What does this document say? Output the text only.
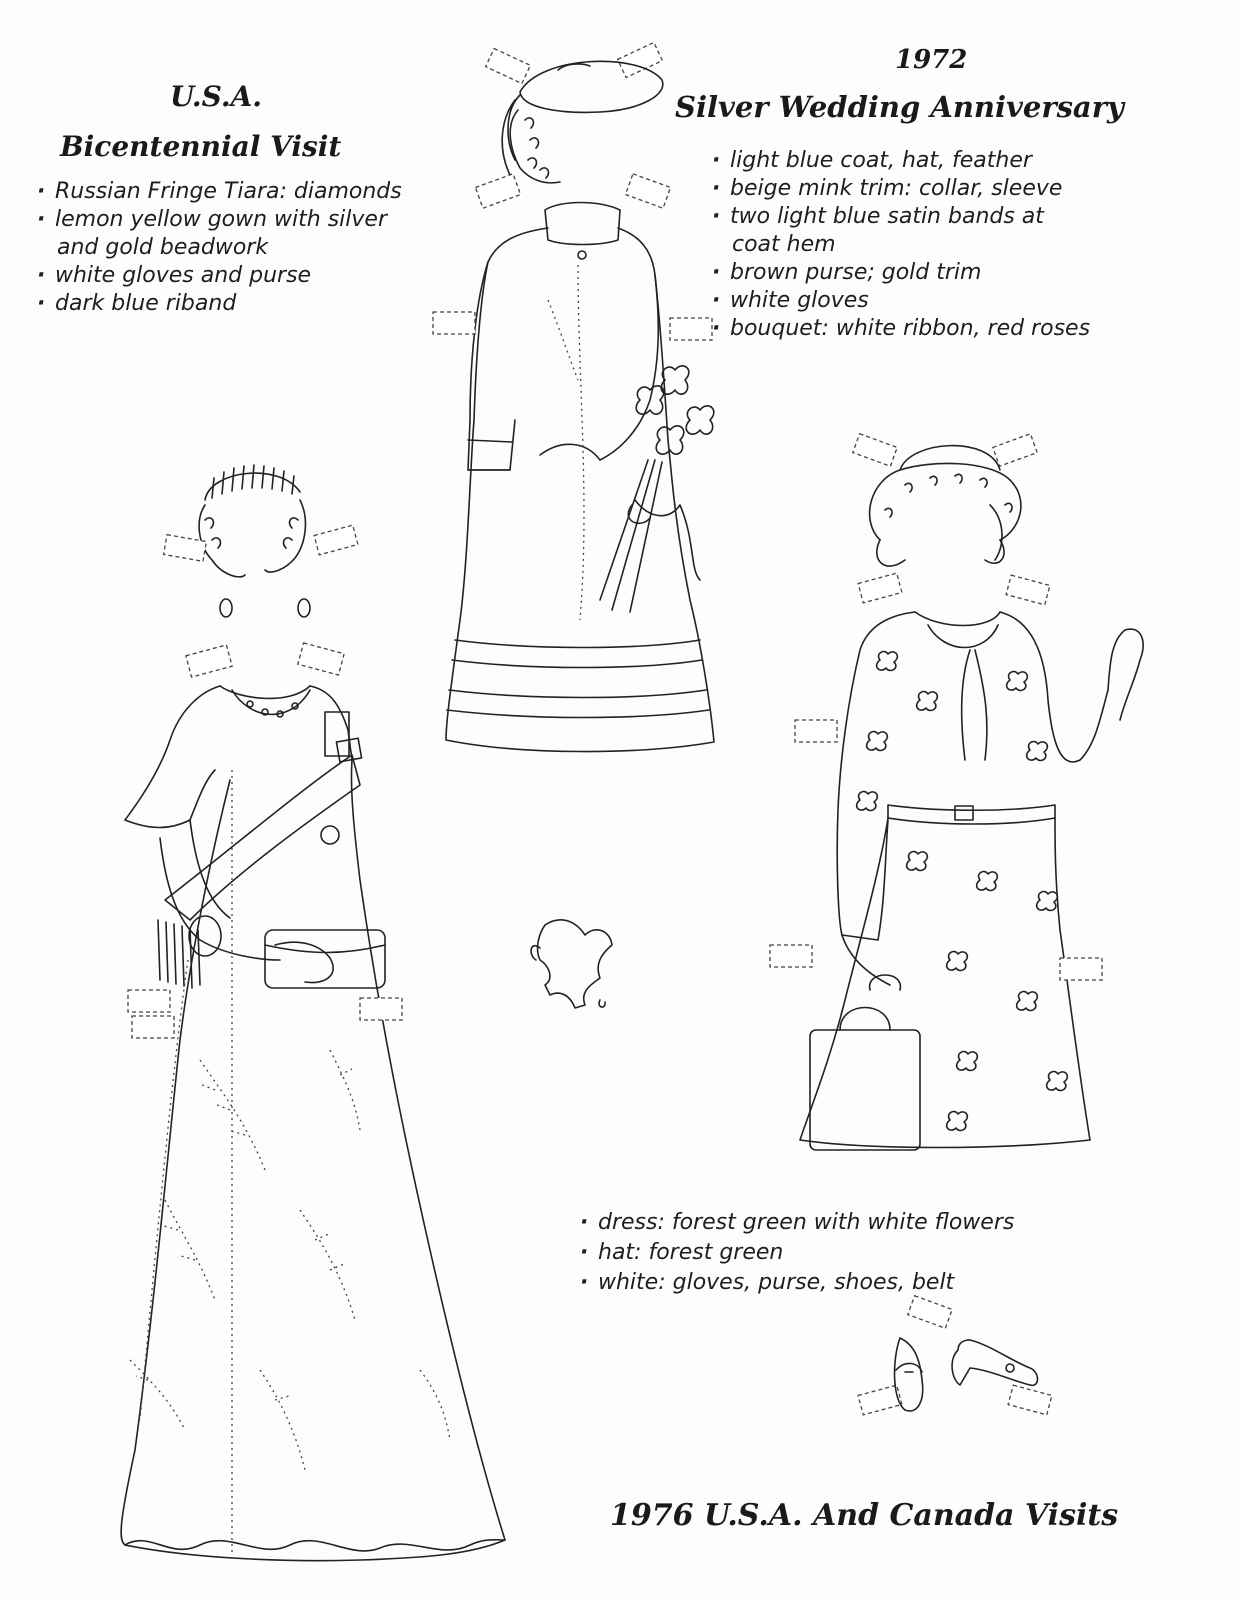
U.S.A.
Bicentennial Visit
· Russian Fringe Tiara: diamonds
· lemon yellow gown with silver
and gold beadwork
· white gloves and purse
· dark blue riband
1972
Silver Wedding Anniversary
· light blue coat, hat, feather
· beige mink trim: collar, sleeve
· two light blue satin bands at
coat hem
· brown purse; gold trim
· white gloves
· bouquet: white ribbon, red roses
· dress: forest green with white flowers
· hat: forest green
· white: gloves, purse, shoes, belt
1976 U.S.A. And Canada Visits
